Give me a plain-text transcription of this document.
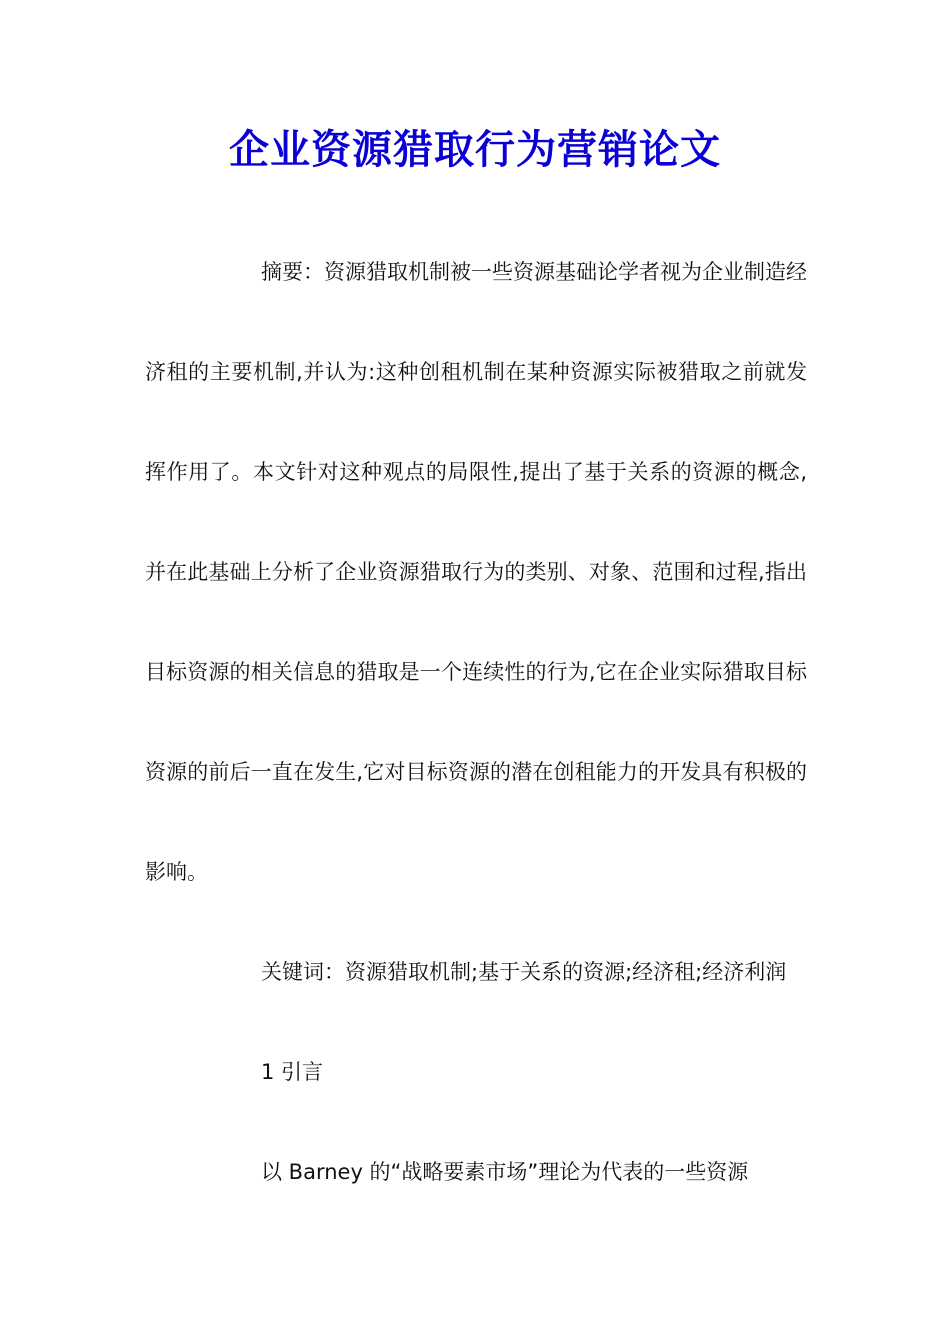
企业资源猎取行为营销论文

摘要：资源猎取机制被一些资源基础论学者视为企业制造经济租的主要机制,并认为:这种创租机制在某种资源实际被猎取之前就发挥作用了。本文针对这种观点的局限性,提出了基于关系的资源的概念,并在此基础上分析了企业资源猎取行为的类别、对象、范围和过程,指出目标资源的相关信息的猎取是一个连续性的行为,它在企业实际猎取目标资源的前后一直在发生,它对目标资源的潜在创租能力的开发具有积极的影响。

关键词：资源猎取机制;基于关系的资源;经济租;经济利润

1 引言

以 Barney 的“战略要素市场”理论为代表的一些资源
